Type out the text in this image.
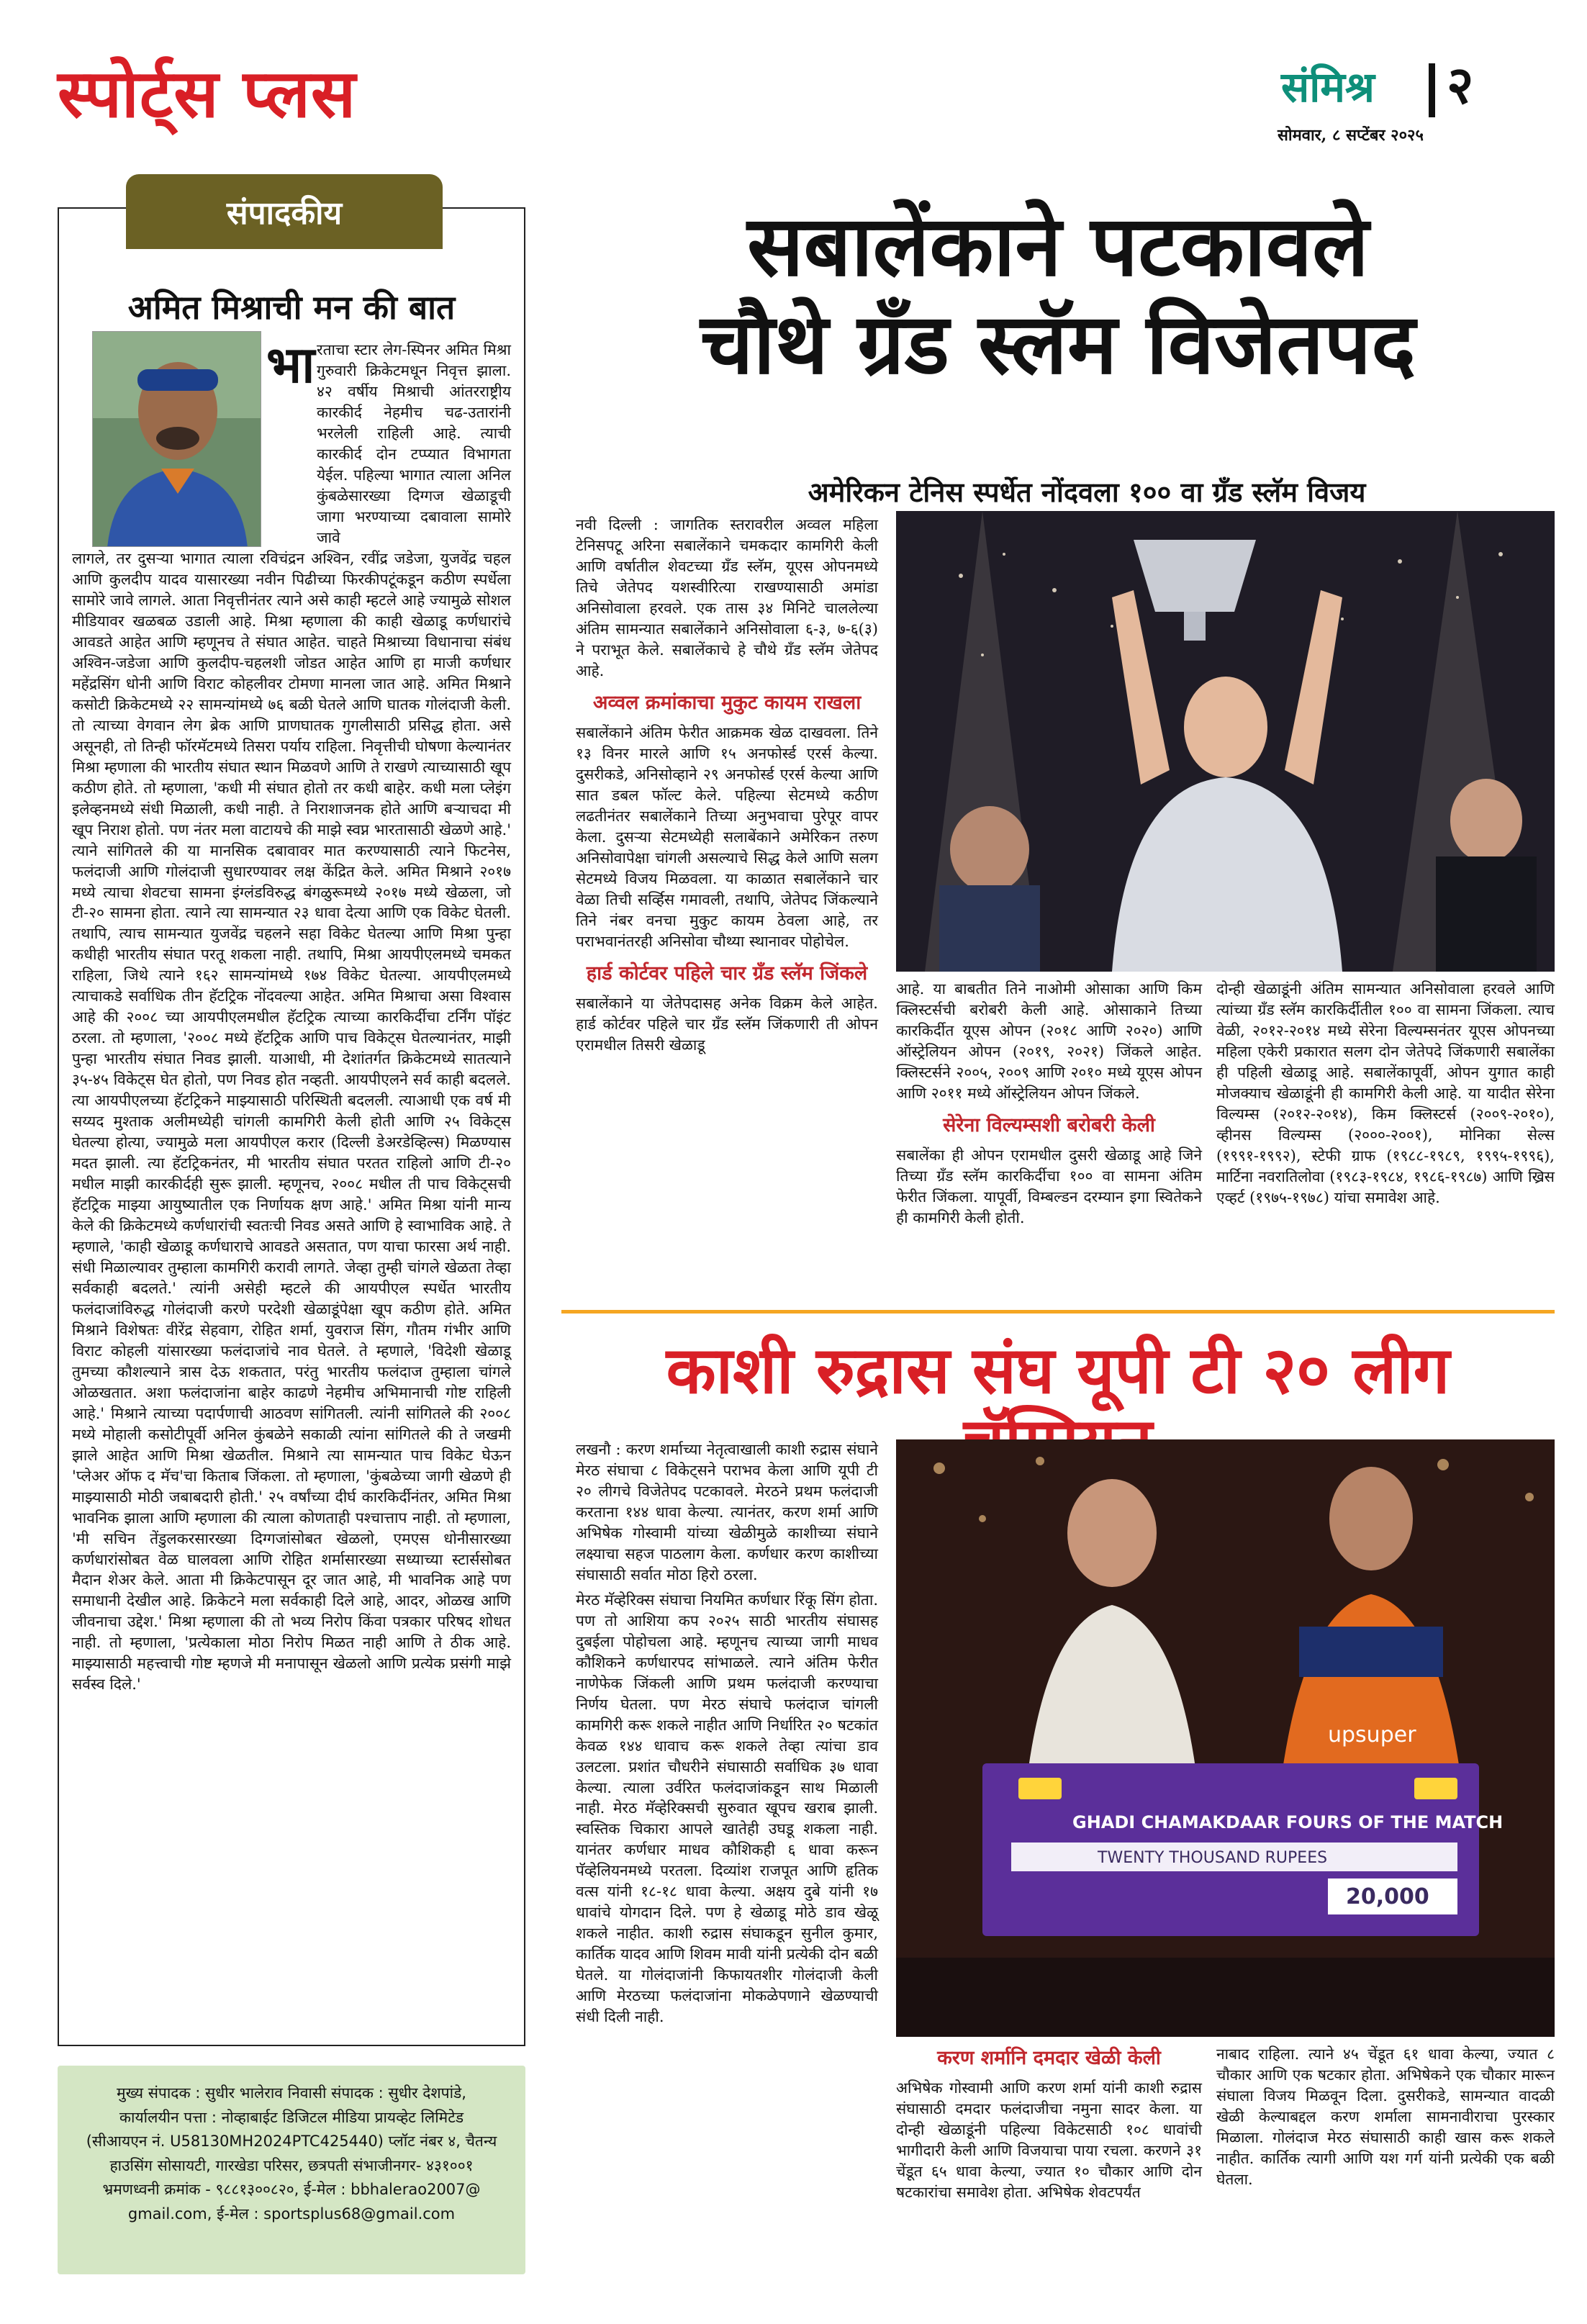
स्पोर्ट्स प्लस	संमिश्र २
सोमवार, ८ सप्टेंबर २०२५
संपादकीय
अमित मिश्राची मन की बात
भा रताचा स्टार लेग-स्पिनर अमित मिश्रा गुरुवारी क्रिकेटमधून निवृत्त झाला. ४२ वर्षीय मिश्राची आंतरराष्ट्रीय कारकीर्द नेहमीच चढ-उतारांनी भरलेली राहिली आहे. त्याची कारकीर्द दोन टप्प्यात विभागता येईल. पहिल्या भागात त्याला अनिल कुंबळेसारख्या दिग्गज खेळाडूची जागा भरण्याच्या दबावाला सामोरे जावे

लागले, तर दुसऱ्या भागात त्याला रविचंद्रन अश्विन, रवींद्र जडेजा, युजवेंद्र चहल आणि कुलदीप यादव यासारख्या नवीन पिढीच्या फिरकीपटूंकडून कठीण स्पर्धेला सामोरे जावे लागले. आता निवृत्तीनंतर त्याने असे काही म्हटले आहे ज्यामुळे सोशल मीडियावर खळबळ उडाली आहे. मिश्रा म्हणाला की काही खेळाडू कर्णधारांचे आवडते आहेत आणि म्हणूनच ते संघात आहेत. चाहते मिश्राच्या विधानाचा संबंध अश्विन-जडेजा आणि कुलदीप-चहलशी जोडत आहेत आणि हा माजी कर्णधार महेंद्रसिंग धोनी आणि विराट कोहलीवर टोमणा मानला जात आहे. अमित मिश्राने कसोटी क्रिकेटमध्ये २२ सामन्यांमध्ये ७६ बळी घेतले आणि घातक गोलंदाजी केली. तो त्याच्या वेगवान लेग ब्रेक आणि प्राणघातक गुगलीसाठी प्रसिद्ध होता. असे असूनही, तो तिन्ही फॉरमॅटमध्ये तिसरा पर्याय राहिला. निवृत्तीची घोषणा केल्यानंतर मिश्रा म्हणाला की भारतीय संघात स्थान मिळवणे आणि ते राखणे त्याच्यासाठी खूप कठीण होते. तो म्हणाला, 'कधी मी संघात होतो तर कधी बाहेर. कधी मला प्लेइंग इलेव्हनमध्ये संधी मिळाली, कधी नाही. ते निराशाजनक होते आणि बऱ्याचदा मी खूप निराश होतो. पण नंतर मला वाटायचे की माझे स्वप्न भारतासाठी खेळणे आहे.' त्याने सांगितले की या मानसिक दबावावर मात करण्यासाठी त्याने फिटनेस, फलंदाजी आणि गोलंदाजी सुधारण्यावर लक्ष केंद्रित केले. अमित मिश्राने २०१७ मध्ये त्याचा शेवटचा सामना इंग्लंडविरुद्ध बंगळुरूमध्ये २०१७ मध्ये खेळला, जो टी-२० सामना होता. त्याने त्या सामन्यात २३ धावा देत्या आणि एक विकेट घेतली. तथापि, त्याच सामन्यात युजवेंद्र चहलने सहा विकेट घेतल्या आणि मिश्रा पुन्हा कधीही भारतीय संघात परतू शकला नाही. तथापि, मिश्रा आयपीएलमध्ये चमकत राहिला, जिथे त्याने १६२ सामन्यांमध्ये १७४ विकेट घेतल्या. आयपीएलमध्ये त्याचाकडे सर्वाधिक तीन हॅटट्रिक नोंदवल्या आहेत. अमित मिश्राचा असा विश्वास आहे की २००८ च्या आयपीएलमधील हॅटट्रिक त्याच्या कारकिर्दीचा टर्निंग पॉइंट ठरला. तो म्हणाला, '२००८ मध्ये हॅटट्रिक आणि पाच विकेट्स घेतल्यानंतर, माझी पुन्हा भारतीय संघात निवड झाली. याआधी, मी देशांतर्गत क्रिकेटमध्ये सातत्याने ३५-४५ विकेट्स घेत होतो, पण निवड होत नव्हती. आयपीएलने सर्व काही बदलले. त्या आयपीएलच्या हॅटट्रिकने माझ्यासाठी परिस्थिती बदलली. त्याआधी एक वर्ष मी सय्यद मुश्ताक अलीमध्येही चांगली कामगिरी केली होती आणि २५ विकेट्स घेतल्या होत्या, ज्यामुळे मला आयपीएल करार (दिल्ली डेअरडेव्हिल्स) मिळण्यास मदत झाली. त्या हॅटट्रिकनंतर, मी भारतीय संघात परतत राहिलो आणि टी-२० मधील माझी कारकीर्दही सुरू झाली. म्हणूनच, २००८ मधील ती पाच विकेट्सची हॅटट्रिक माझ्या आयुष्यातील एक निर्णायक क्षण आहे.' अमित मिश्रा यांनी मान्य केले की क्रिकेटमध्ये कर्णधारांची स्वतःची निवड असते आणि हे स्वाभाविक आहे. ते म्हणाले, 'काही खेळाडू कर्णधाराचे आवडते असतात, पण याचा फारसा अर्थ नाही. संधी मिळाल्यावर तुम्हाला कामगिरी करावी लागते. जेव्हा तुम्ही चांगले खेळता तेव्हा सर्वकाही बदलते.' त्यांनी असेही म्हटले की आयपीएल स्पर्धेत भारतीय फलंदाजांविरुद्ध गोलंदाजी करणे परदेशी खेळाडूंपेक्षा खूप कठीण होते. अमित मिश्राने विशेषतः वीरेंद्र सेहवाग, रोहित शर्मा, युवराज सिंग, गौतम गंभीर आणि विराट कोहली यांसारख्या फलंदाजांचे नाव घेतले. ते म्हणाले, 'विदेशी खेळाडू तुमच्या कौशल्याने त्रास देऊ शकतात, परंतु भारतीय फलंदाज तुम्हाला चांगले ओळखतात. अशा फलंदाजांना बाहेर काढणे नेहमीच अभिमानाची गोष्ट राहिली आहे.' मिश्राने त्याच्या पदार्पणाची आठवण सांगितली. त्यांनी सांगितले की २००८ मध्ये मोहाली कसोटीपूर्वी अनिल कुंबळेने सकाळी त्यांना सांगितले की ते जखमी झाले आहेत आणि मिश्रा खेळतील. मिश्राने त्या सामन्यात पाच विकेट घेऊन 'प्लेअर ऑफ द मॅच'चा किताब जिंकला. तो म्हणाला, 'कुंबळेच्या जागी खेळणे ही माझ्यासाठी मोठी जबाबदारी होती.' २५ वर्षांच्या दीर्घ कारकिर्दीनंतर, अमित मिश्रा भावनिक झाला आणि म्हणाला की त्याला कोणताही पश्चात्ताप नाही. तो म्हणाला, 'मी सचिन तेंडुलकरसारख्या दिग्गजांसोबत खेळलो, एमएस धोनीसारख्या कर्णधारांसोबत वेळ घालवला आणि रोहित शर्मासारख्या सध्याच्या स्टार्ससोबत मैदान शेअर केले. आता मी क्रिकेटपासून दूर जात आहे, मी भावनिक आहे पण समाधानी देखील आहे. क्रिकेटने मला सर्वकाही दिले आहे, आदर, ओळख आणि जीवनाचा उद्देश.' मिश्रा म्हणाला की तो भव्य निरोप किंवा पत्रकार परिषद शोधत नाही. तो म्हणाला, 'प्रत्येकाला मोठा निरोप मिळत नाही आणि ते ठीक आहे. माझ्यासाठी महत्त्वाची गोष्ट म्हणजे मी मनापासून खेळलो आणि प्रत्येक प्रसंगी माझे सर्वस्व दिले.'

मुख्य संपादक : सुधीर भालेराव निवासी संपादक : सुधीर देशपांडे,
कार्यालयीन पत्ता : नोव्हाबाईट डिजिटल मीडिया प्रायव्हेट लिमिटेड
(सीआयएन नं. U58130MH2024PTC425440) प्लॉट नंबर ४, चैतन्य
हाउसिंग सोसायटी, गारखेडा परिसर, छत्रपती संभाजीनगर- ४३१००१
भ्रमणध्वनी क्रमांक - ९८८१३००८२०, ई-मेल : bbhalerao2007@
gmail.com, ई-मेल : sportsplus68@gmail.com
सबालेंकाने पटकावले
चौथे ग्रँड स्लॅम विजेतपद
अमेरिकन टेनिस स्पर्धेत नोंदवला १०० वा ग्रँड स्लॅम विजय

नवी दिल्ली : जागतिक स्तरावरील अव्वल महिला टेनिसपटू अरिना सबालेंकाने चमकदार कामगिरी केली आणि वर्षातील शेवटच्या ग्रँड स्लॅम, यूएस ओपनमध्ये तिचे जेतेपद यशस्वीरित्या राखण्यासाठी अमांडा अनिसोवाला हरवले. एक तास ३४ मिनिटे चाललेल्या अंतिम सामन्यात सबालेंकाने अनिसोवाला ६-३, ७-६(३) ने पराभूत केले. सबालेंकाचे हे चौथे ग्रँड स्लॅम जेतेपद आहे.

अव्वल क्रमांकाचा मुकुट कायम राखला

सबालेंकाने अंतिम फेरीत आक्रमक खेळ दाखवला. तिने १३ विनर मारले आणि १५ अनफोर्स्ड एरर्स केल्या. दुसरीकडे, अनिसोव्हाने २९ अनफोर्स्ड एरर्स केल्या आणि सात डबल फॉल्ट केले. पहिल्या सेटमध्ये कठीण लढतीनंतर सबालेंकाने तिच्या अनुभवाचा पुरेपूर वापर केला. दुसऱ्या सेटमध्येही सलाबेंकाने अमेरिकन तरुण अनिसोवापेक्षा चांगली असल्याचे सिद्ध केले आणि सलग सेटमध्ये विजय मिळवला. या काळात सबालेंकाने चार वेळा तिची सर्व्हिस गमावली, तथापि, जेतेपद जिंकल्याने तिने नंबर वनचा मुकुट कायम ठेवला आहे, तर पराभवानंतरही अनिसोवा चौथ्या स्थानावर पोहोचेल.

हार्ड कोर्टवर पहिले चार ग्रँड स्लॅम जिंकले

सबालेंकाने या जेतेपदासह अनेक विक्रम केले आहेत. हार्ड कोर्टवर पहिले चार ग्रँड स्लॅम जिंकणारी ती ओपन एरामधील तिसरी खेळाडू

आहे. या बाबतीत तिने नाओमी ओसाका आणि किम क्लिस्टर्सची बरोबरी केली आहे. ओसाकाने तिच्या कारकिर्दीत यूएस ओपन (२०१८ आणि २०२०) आणि ऑस्ट्रेलियन ओपन (२०१९, २०२१) जिंकले आहेत. क्लिस्टर्सने २००५, २००९ आणि २०१० मध्ये यूएस ओपन आणि २०११ मध्ये ऑस्ट्रेलियन ओपन जिंकले.

सेरेना विल्यम्सशी बरोबरी केली

सबालेंका ही ओपन एरामधील दुसरी खेळाडू आहे जिने तिच्या ग्रँड स्लॅम कारकिर्दीचा १०० वा सामना अंतिम फेरीत जिंकला. यापूर्वी, विम्बल्डन दरम्यान इगा स्वितेकने ही कामगिरी केली होती.

दोन्ही खेळाडूंनी अंतिम सामन्यात अनिसोवाला हरवले आणि त्यांच्या ग्रँड स्लॅम कारकिर्दीतील १०० वा सामना जिंकला. त्याच वेळी, २०१२-२०१४ मध्ये सेरेना विल्यम्सनंतर यूएस ओपनच्या महिला एकेरी प्रकारात सलग दोन जेतेपदे जिंकणारी सबालेंका ही पहिली खेळाडू आहे. सबालेंकापूर्वी, ओपन युगात काही मोजक्याच खेळाडूंनी ही कामगिरी केली आहे. या यादीत सेरेना विल्यम्स (२०१२-२०१४), किम क्लिस्टर्स (२००९-२०१०), व्हीनस विल्यम्स (२०००-२००१), मोनिका सेल्स (१९९१-१९९२), स्टेफी ग्राफ (१९८८-१९८९, १९९५-१९९६), मार्टिना नवरातिलोवा (१९८३-१९८४, १९८६-१९८७) आणि ख्रिस एव्हर्ट (१९७५-१९७८) यांचा समावेश आहे.

काशी रुद्रास संघ यूपी टी २० लीग

लखनौ : करण शर्माच्या नेतृत्वाखाली काशी रुद्रास संघाने मेरठ संघाचा ८ विकेट्सने पराभव केला आणि यूपी टी २० लीगचे विजेतेपद पटकावले. मेरठने प्रथम फलंदाजी करताना १४४ धावा केल्या. त्यानंतर, करण शर्मा आणि अभिषेक गोस्वामी यांच्या खेळीमुळे काशीच्या संघाने लक्ष्याचा सहज पाठलाग केला. कर्णधार करण काशीच्या संघासाठी सर्वात मोठा हिरो ठरला.

मेरठ मॅव्हेरिक्स संघाचा नियमित कर्णधार रिंकू सिंग होता. पण तो आशिया कप २०२५ साठी भारतीय संघासह दुबईला पोहोचला आहे. म्हणूनच त्याच्या जागी माधव कौशिकने कर्णधारपद सांभाळले. त्याने अंतिम फेरीत नाणेफेक जिंकली आणि प्रथम फलंदाजी करण्याचा निर्णय घेतला. पण मेरठ संघाचे फलंदाज चांगली कामगिरी करू शकले नाहीत आणि निर्धारित २० षटकांत केवळ १४४ धावाच करू शकले तेव्हा त्यांचा डाव उलटला. प्रशांत चौधरीने संघासाठी सर्वाधिक ३७ धावा केल्या. त्याला उर्वरित फलंदाजांकडून साथ मिळाली नाही. मेरठ मॅव्हेरिक्सची सुरुवात खूपच खराब झाली. स्वस्तिक चिकारा आपले खातेही उघडू शकला नाही. यानंतर कर्णधार माधव कौशिकही ६ धावा करून पॅव्हेलियनमध्ये परतला. दिव्यांश राजपूत आणि हृतिक वत्स यांनी १८-१८ धावा केल्या. अक्षय दुबे यांनी १७ धावांचे योगदान दिले. पण हे खेळाडू मोठे डाव खेळू शकले नाहीत. काशी रुद्रास संघाकडून सुनील कुमार, कार्तिक यादव आणि शिवम मावी यांनी प्रत्येकी दोन बळी घेतले. या गोलंदाजांनी किफायतशीर गोलंदाजी केली आणि मेरठच्या फलंदाजांना मोकळेपणाने खेळण्याची संधी दिली नाही.

upsuper
GHADI CHAMAKDAAR FOURS OF THE MATCH
TWENTY THOUSAND RUPEES
20,000
करण शर्मानि दमदार खेळी केली

अभिषेक गोस्वामी आणि करण शर्मा यांनी काशी रुद्रास संघासाठी दमदार फलंदाजीचा नमुना सादर केला. या दोन्ही खेळाडूंनी पहिल्या विकेटसाठी १०८ धावांची भागीदारी केली आणि विजयाचा पाया रचला. करणने ३१ चेंडूत ६५ धावा केल्या, ज्यात १० चौकार आणि दोन षटकारांचा समावेश होता. अभिषेक शेवटपर्यंत

नाबाद राहिला. त्याने ४५ चेंडूत ६१ धावा केल्या, ज्यात ८ चौकार आणि एक षटकार होता. अभिषेकने एक चौकार मारून संघाला विजय मिळवून दिला. दुसरीकडे, सामन्यात वादळी खेळी केल्याबद्दल करण शर्माला सामनावीराचा पुरस्कार मिळाला. गोलंदाज मेरठ संघासाठी काही खास करू शकले नाहीत. कार्तिक त्यागी आणि यश गर्ग यांनी प्रत्येकी एक बळी घेतला.
